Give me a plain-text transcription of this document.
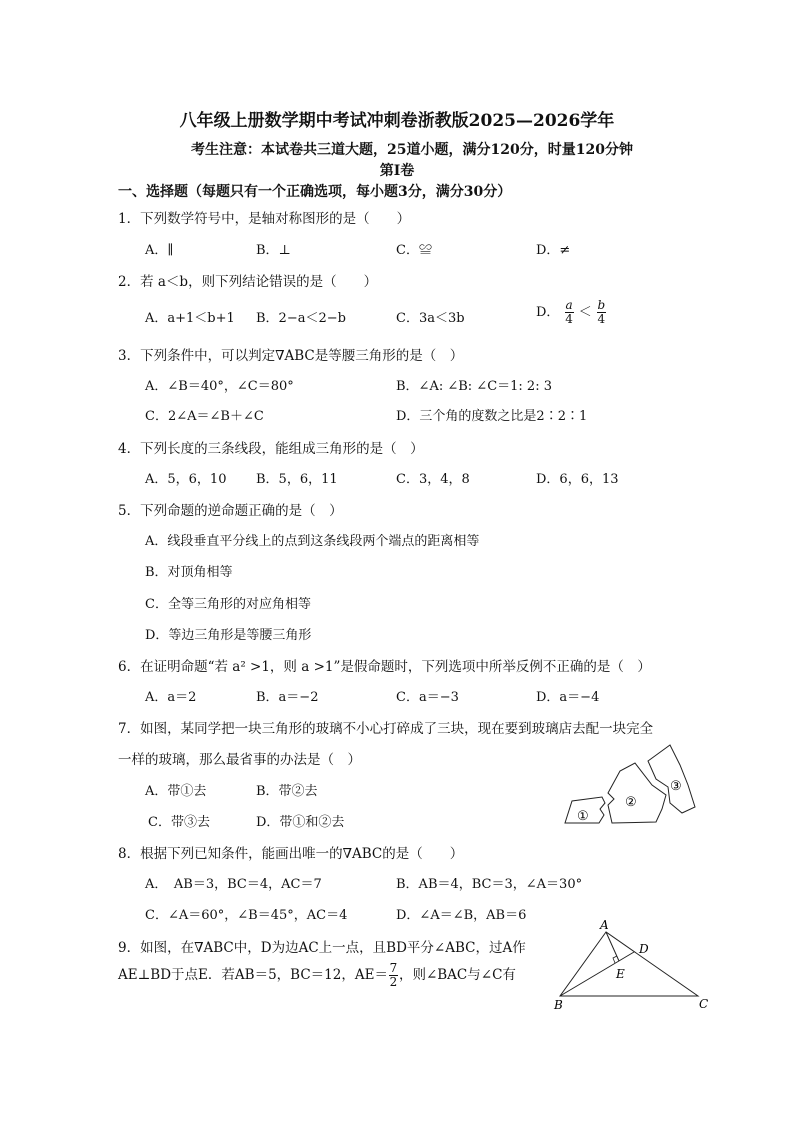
八年级上册数学期中考试冲刺卷浙教版2025—2026学年
考生注意：本试卷共三道大题，25道小题，满分120分，时量120分钟
第Ⅰ卷
一、选择题（每题只有一个正确选项，每小题3分，满分30分）
1．下列数学符号中，是轴对称图形的是（　　）
A．∥	B．⊥	C．≌	D．≠
2．若 a＜b，则下列结论错误的是（　　）
A．a+1＜b+1 B．2−a＜2−b	C．3a＜3b	D． $\frac{a}{4} < \frac{b}{4}$
3．下列条件中，可以判定∇ABC是等腰三角形的是（　）
A．∠B＝40°，∠C＝80°	B．∠A: ∠B: ∠C＝1: 2: 3
C．2∠A＝∠B＋∠C	D．三个角的度数之比是2∶2∶1
4．下列长度的三条线段，能组成三角形的是（　）
A．5，6，10 B．5，6，11	C．3，4，8	D．6，6，13
5．下列命题的逆命题正确的是（　）
A．线段垂直平分线上的点到这条线段两个端点的距离相等
B．对顶角相等
C．全等三角形的对应角相等
D．等边三角形是等腰三角形
6．在证明命题“若 a² >1，则 a >1”是假命题时，下列选项中所举反例不正确的是（　）
A．a＝2	B．a＝−2	C．a＝−3	D．a＝−4
7．如图，某同学把一块三角形的玻璃不小心打碎成了三块，现在要到玻璃店去配一块完全
一样的玻璃，那么最省事的办法是（　）
A．带①去	B．带②去
C．带③去	D．带①和②去	①
②
③
8．根据下列已知条件，能画出唯一的∇ABC的是（　　）
A．　AB＝3，BC＝4，AC＝7	B．AB＝4，BC＝3，∠A＝30°
C．∠A＝60°，∠B＝45°，AC＝4	D．∠A＝∠B，AB＝6
9．如图，在∇ABC中，D为边AC上一点，且BD平分∠ABC，过A作
AE⊥BD于点E．若AB＝5，BC＝12，$AE= \frac{7}{2}$ ，则∠BAC与∠C有
A
B	C
D
E
